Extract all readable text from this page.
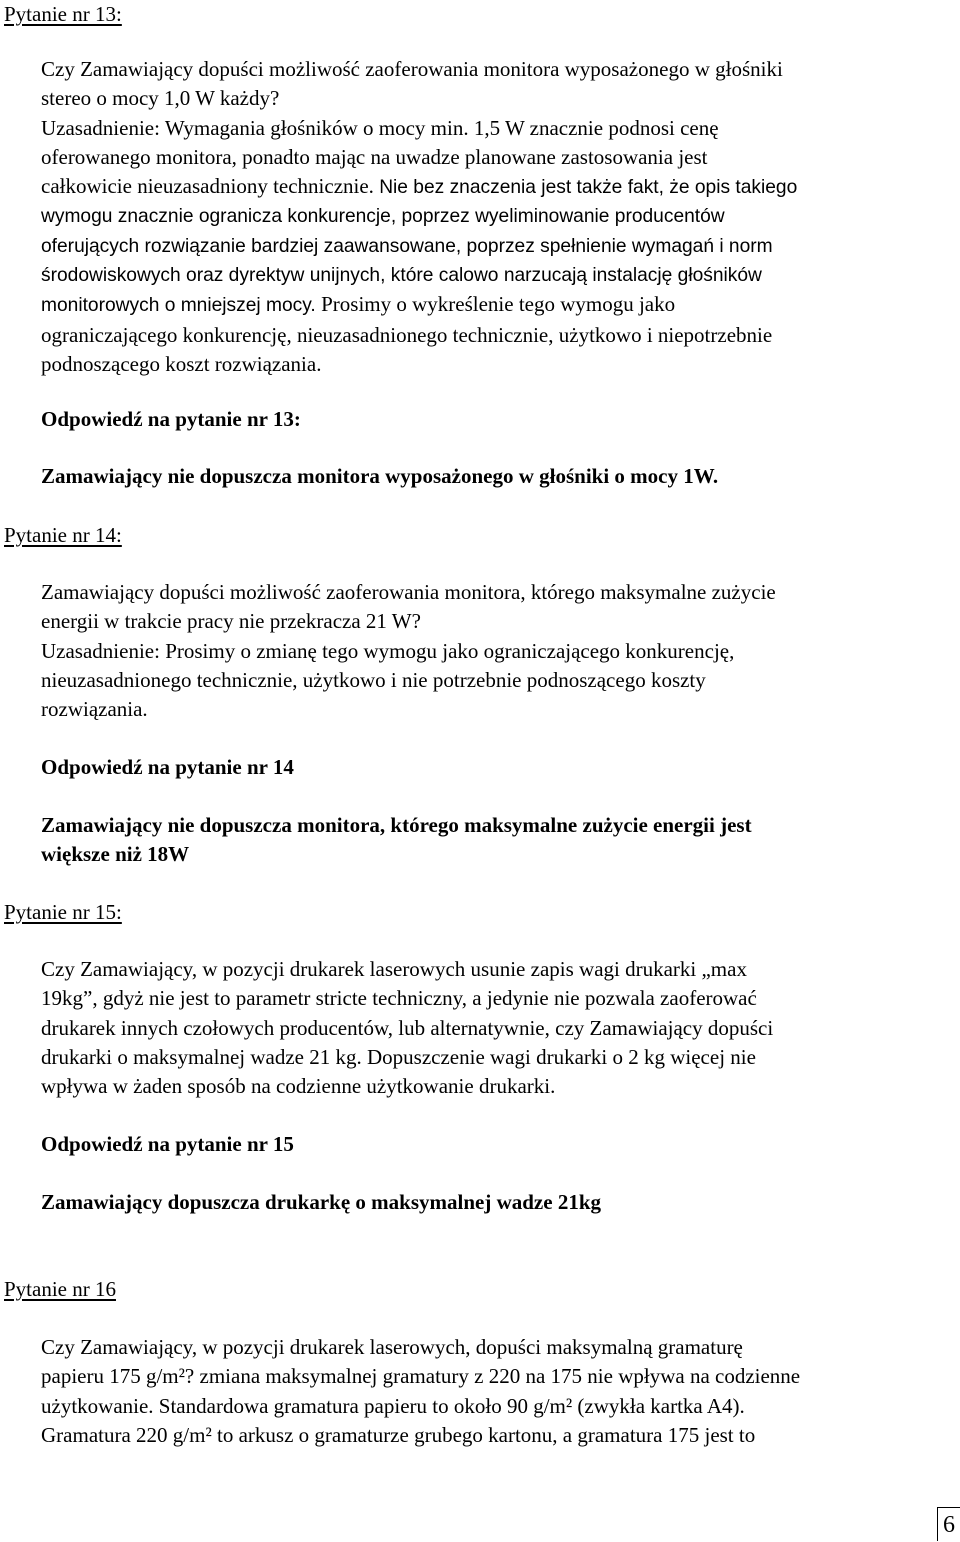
Pytanie nr 13:

Czy Zamawiający dopuści możliwość zaoferowania monitora wyposażonego w głośniki
stereo o mocy 1,0 W każdy?
Uzasadnienie: Wymagania głośników o mocy min. 1,5 W znacznie podnosi cenę
oferowanego monitora, ponadto mając na uwadze planowane zastosowania jest
całkowicie nieuzasadniony technicznie. Nie bez znaczenia jest także fakt, że opis takiego
wymogu znacznie ogranicza konkurencje, poprzez wyeliminowanie producentów
oferujących rozwiązanie bardziej zaawansowane, poprzez spełnienie wymagań i norm
środowiskowych oraz dyrektyw unijnych, które calowo narzucają instalację głośników
monitorowych o mniejszej mocy. Prosimy o wykreślenie tego wymogu jako
ograniczającego konkurencję, nieuzasadnionego technicznie, użytkowo i niepotrzebnie
podnoszącego koszt rozwiązania.

Odpowiedź na pytanie nr 13:

Zamawiający nie dopuszcza monitora wyposażonego w głośniki o mocy 1W.

Pytanie nr 14:

Zamawiający dopuści możliwość zaoferowania monitora, którego maksymalne zużycie
energii w trakcie pracy nie przekracza 21 W?
Uzasadnienie: Prosimy o zmianę tego wymogu jako ograniczającego konkurencję,
nieuzasadnionego technicznie, użytkowo i nie potrzebnie podnoszącego koszty
rozwiązania.

Odpowiedź na pytanie nr 14

Zamawiający nie dopuszcza monitora, którego maksymalne zużycie energii jest
większe niż 18W

Pytanie nr 15:

Czy Zamawiający, w pozycji drukarek laserowych usunie zapis wagi drukarki „max
19kg”, gdyż nie jest to parametr stricte techniczny, a jedynie nie pozwala zaoferować
drukarek innych czołowych producentów, lub alternatywnie, czy Zamawiający dopuści
drukarki o maksymalnej wadze 21 kg. Dopuszczenie wagi drukarki o 2 kg więcej nie
wpływa w żaden sposób na codzienne użytkowanie drukarki.

Odpowiedź na pytanie nr 15

Zamawiający dopuszcza drukarkę o maksymalnej wadze 21kg

Pytanie nr 16

Czy Zamawiający, w pozycji drukarek laserowych, dopuści maksymalną gramaturę
papieru 175 g/m²? zmiana maksymalnej gramatury z 220 na 175 nie wpływa na codzienne
użytkowanie. Standardowa gramatura papieru to około 90 g/m² (zwykła kartka A4).
Gramatura 220 g/m² to arkusz o gramaturze grubego kartonu, a gramatura 175 jest to
6
